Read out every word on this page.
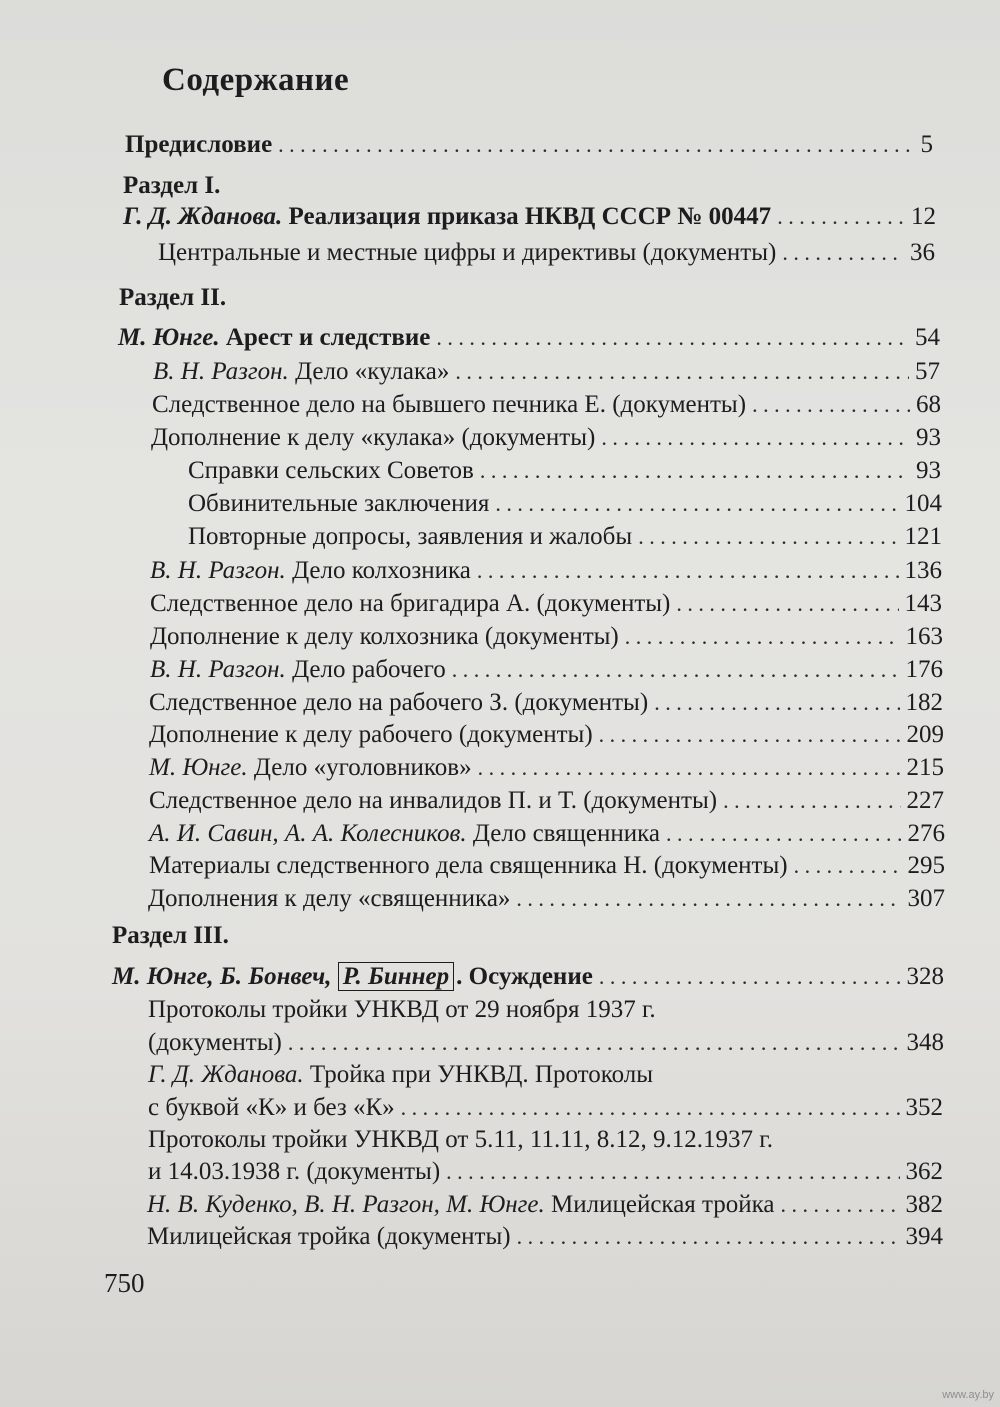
Содержание
Предисловие . . .	5
Раздел I.
Г. Д. Жданова. Реализация приказа НКВД СССР № 00447 . . .	12
Центральные и местные цифры и директивы (документы) . . .	36
Раздел II.
М. Юнге. Арест и следствие . . .	54
В. Н. Разгон. Дело «кулака» . . .	57
Следственное дело на бывшего печника Е. (документы) . . .	68
Дополнение к делу «кулака» (документы) . . .	93
Справки сельских Советов . . .	93
Обвинительные заключения . . .	104
Повторные допросы, заявления и жалобы . . .	121
В. Н. Разгон. Дело колхозника . . .	136
Следственное дело на бригадира А. (документы) . . .	143
Дополнение к делу колхозника (документы) . . .	163
В. Н. Разгон. Дело рабочего . . .	176
Следственное дело на рабочего З. (документы) . . .	182
Дополнение к делу рабочего (документы) . . .	209
М. Юнге. Дело «уголовников» . . .	215
Следственное дело на инвалидов П. и Т. (документы) . . .	227
А. И. Савин, А. А. Колесников. Дело священника . . .	276
Материалы следственного дела священника Н. (документы) . . .	295
Дополнения к делу «священника» . . .	307
Раздел III.
М. Юнге, Б. Бонвеч, Р. Биннер . Осуждение . . .	328
Протоколы тройки УНКВД от 29 ноября 1937 г.
(документы) . . .	348
Г. Д. Жданова. Тройка при УНКВД. Протоколы
с буквой «К» и без «К» . . .	352
Протоколы тройки УНКВД от 5.11, 11.11, 8.12, 9.12.1937 г.
и 14.03.1938 г. (документы) . . .	362
Н. В. Куденко, В. Н. Разгон, М. Юнге. Милицейская тройка . . .	382
Милицейская тройка (документы) . . .	394
750
www.ay.by
